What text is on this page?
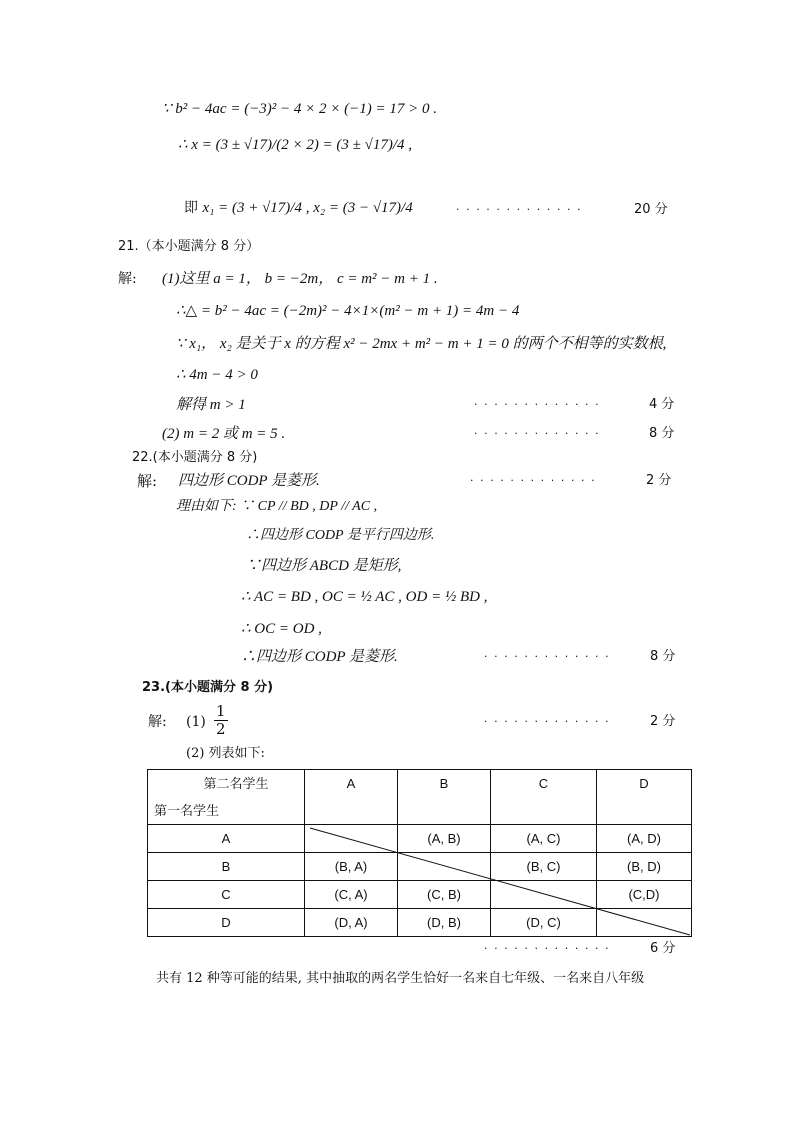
∵ b² − 4ac = (−3)² − 4 × 2 × (−1) = 17 > 0 .
∴ x = (3 ± √17)/(2 × 2) = (3 ± √17)/4 ,
即 x₁ = (3 + √17)/4 , x₂ = (3 − √17)/4	·············	20 分
21.（本小题满分 8 分）
解: (1)这里 a = 1， b = −2m， c = m² − m + 1 .
∴△ = b² − 4ac = (−2m)² − 4×1×(m² − m + 1) = 4m − 4
∵ x₁， x₂ 是关于 x 的方程 x² − 2mx + m² − m + 1 = 0 的两个不相等的实数根,
∴ 4m − 4 > 0
解得 m > 1	·············	4 分
(2) m = 2 或 m = 5 .	·············	8 分
22.(本小题满分 8 分)
解: 四边形 CODP 是菱形.	·············	2 分
理由如下: ∵ CP // BD , DP // AC ,
∴四边形 CODP 是平行四边形.
∵四边形 ABCD 是矩形,
∴ AC = BD , OC = ½ AC , OD = ½ BD ,
∴ OC = OD ,
∴四边形 CODP 是菱形.	·············	8 分
23.(本小题满分 8 分)
解: $(1) \frac{1}{2}$	·············	2 分
(2) 列表如下:
第二名学生
第一名学生	A	B	C	D
A		(A, B)	(A, C)	(A, D)
B	(B, A)		(B, C)	(B, D)
C	(C, A)	(C, B)		(C,D)
D	(D, A)	(D, B)	(D, C)	
·············	6 分
共有 12 种等可能的结果, 其中抽取的两名学生恰好一名来自七年级、一名来自八年级
